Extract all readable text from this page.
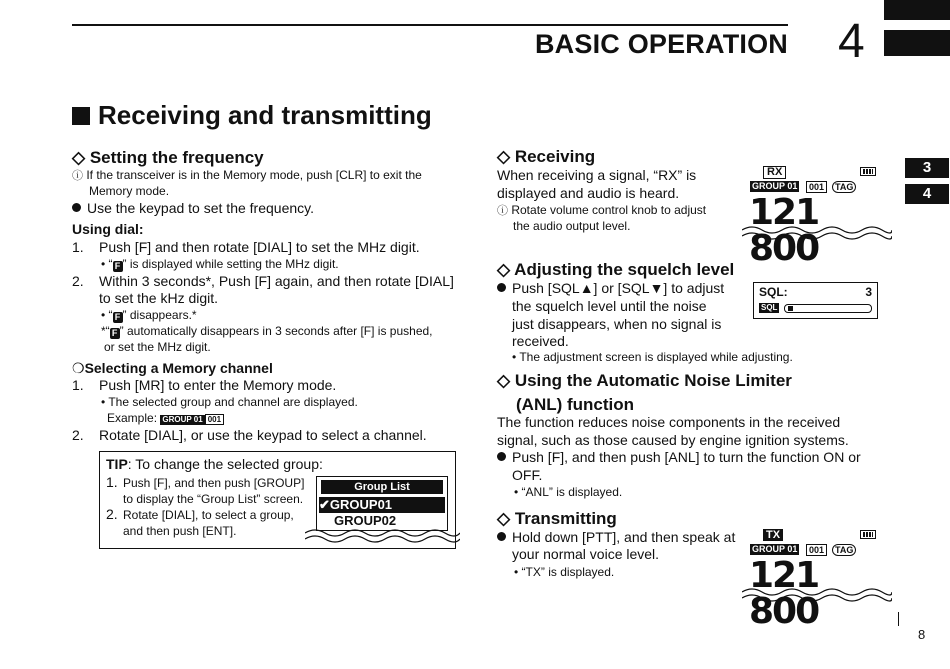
BASIC OPERATION 4
3
4
Receiving and transmitting
◇ Setting the frequency
ⓘ If the transceiver is in the Memory mode, push [CLR] to exit the
Memory mode.
Use the keypad to set the frequency.
Using dial:
1. Push [F] and then rotate [DIAL] to set the MHz digit.
• “ F ” is displayed while setting the MHz digit.
2. Within 3 seconds*, Push [F] again, and then rotate [DIAL]
to set the kHz digit.
• “ F ” disappears.*
*“ F ” automatically disappears in 3 seconds after [F] is pushed,
or set the MHz digit.
❍Selecting a Memory channel
1. Push [MR] to enter the Memory mode.
• The selected group and channel are displayed.
Example: GROUP 01 001
2. Rotate [DIAL], or use the keypad to select a channel.
TIP: To change the selected group:
1. Push [F], and then push [GROUP]
to display the “Group List” screen.
2. Rotate [DIAL], to select a group,
and then push [ENT].
Group List
✔GROUP01
GROUP02
◇ Receiving
When receiving a signal, “RX” is
displayed and audio is heard.
ⓘ Rotate volume control knob to adjust
the audio output level.
RX
GROUP 01	001	TAG
121 800
◇ Adjusting the squelch level
Push [SQL▲] or [SQL▼] to adjust
the squelch level until the noise
just disappears, when no signal is
received.
• The adjustment screen is displayed while adjusting.
SQL:	3
SQL
◇ Using the Automatic Noise Limiter
(ANL) function
The function reduces noise components in the received
signal, such as those caused by engine ignition systems.
Push [F], and then push [ANL] to turn the function ON or
OFF.
• “ANL” is displayed.
◇ Transmitting
Hold down [PTT], and then speak at
your normal voice level.
• “TX” is displayed.
TX
GROUP 01	001	TAG
121 800
8
